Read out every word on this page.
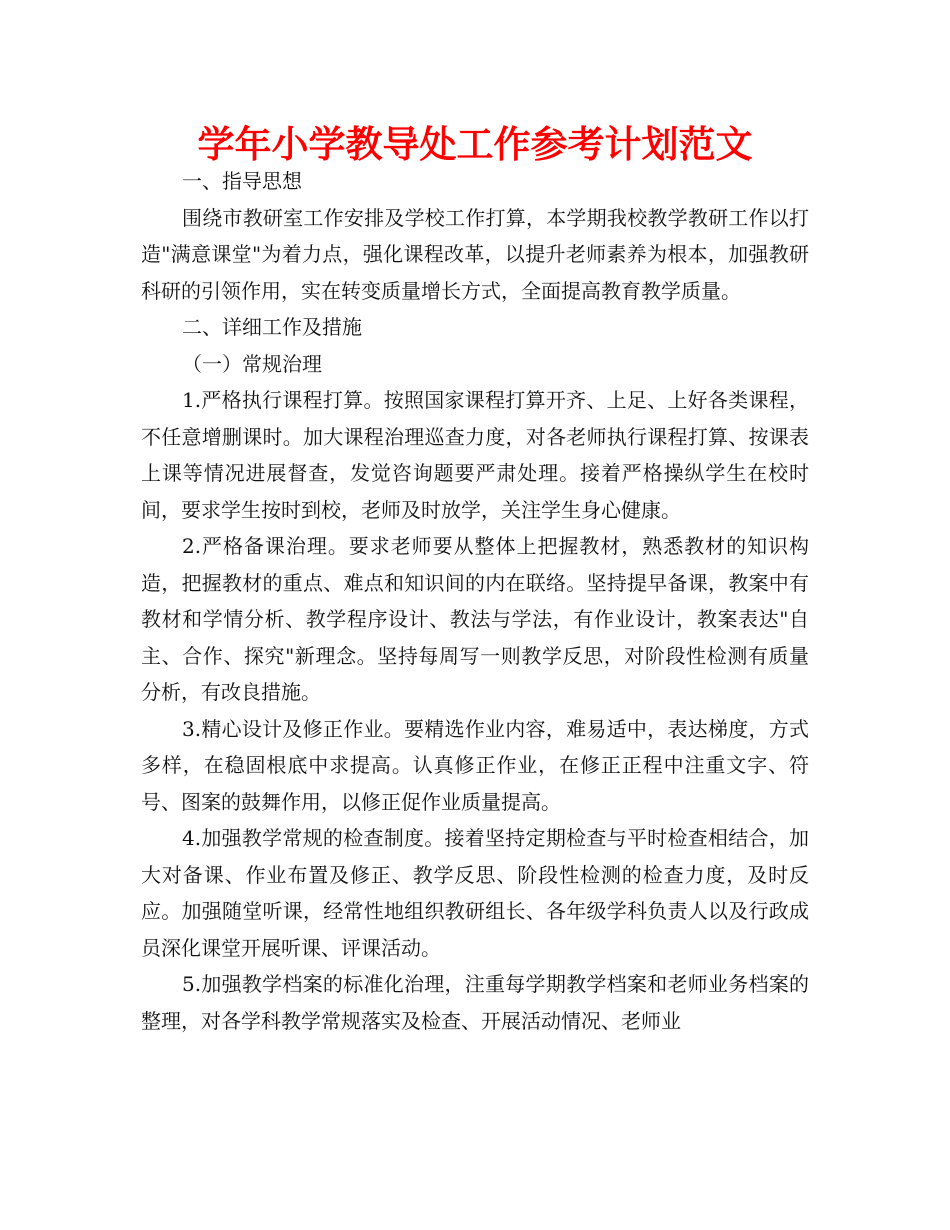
学年小学教导处工作参考计划范文

一、指导思想

围绕市教研室工作安排及学校工作打算，本学期我校教学教研工作以打造"满意课堂"为着力点，强化课程改革，以提升老师素养为根本，加强教研科研的引领作用，实在转变质量增长方式，全面提高教育教学质量。

二、详细工作及措施

（一）常规治理

1.严格执行课程打算。按照国家课程打算开齐、上足、上好各类课程，不任意增删课时。加大课程治理巡查力度，对各老师执行课程打算、按课表上课等情况进展督查，发觉咨询题要严肃处理。接着严格操纵学生在校时间，要求学生按时到校，老师及时放学，关注学生身心健康。

2.严格备课治理。要求老师要从整体上把握教材，熟悉教材的知识构造，把握教材的重点、难点和知识间的内在联络。坚持提早备课，教案中有教材和学情分析、教学程序设计、教法与学法，有作业设计，教案表达"自主、合作、探究"新理念。坚持每周写一则教学反思，对阶段性检测有质量分析，有改良措施。

3.精心设计及修正作业。要精选作业内容，难易适中，表达梯度，方式多样，在稳固根底中求提高。认真修正作业，在修正正程中注重文字、符号、图案的鼓舞作用，以修正促作业质量提高。

4.加强教学常规的检查制度。接着坚持定期检查与平时检查相结合，加大对备课、作业布置及修正、教学反思、阶段性检测的检查力度，及时反应。加强随堂听课，经常性地组织教研组长、各年级学科负责人以及行政成员深化课堂开展听课、评课活动。

5.加强教学档案的标准化治理，注重每学期教学档案和老师业务档案的整理，对各学科教学常规落实及检查、开展活动情况、老师业
